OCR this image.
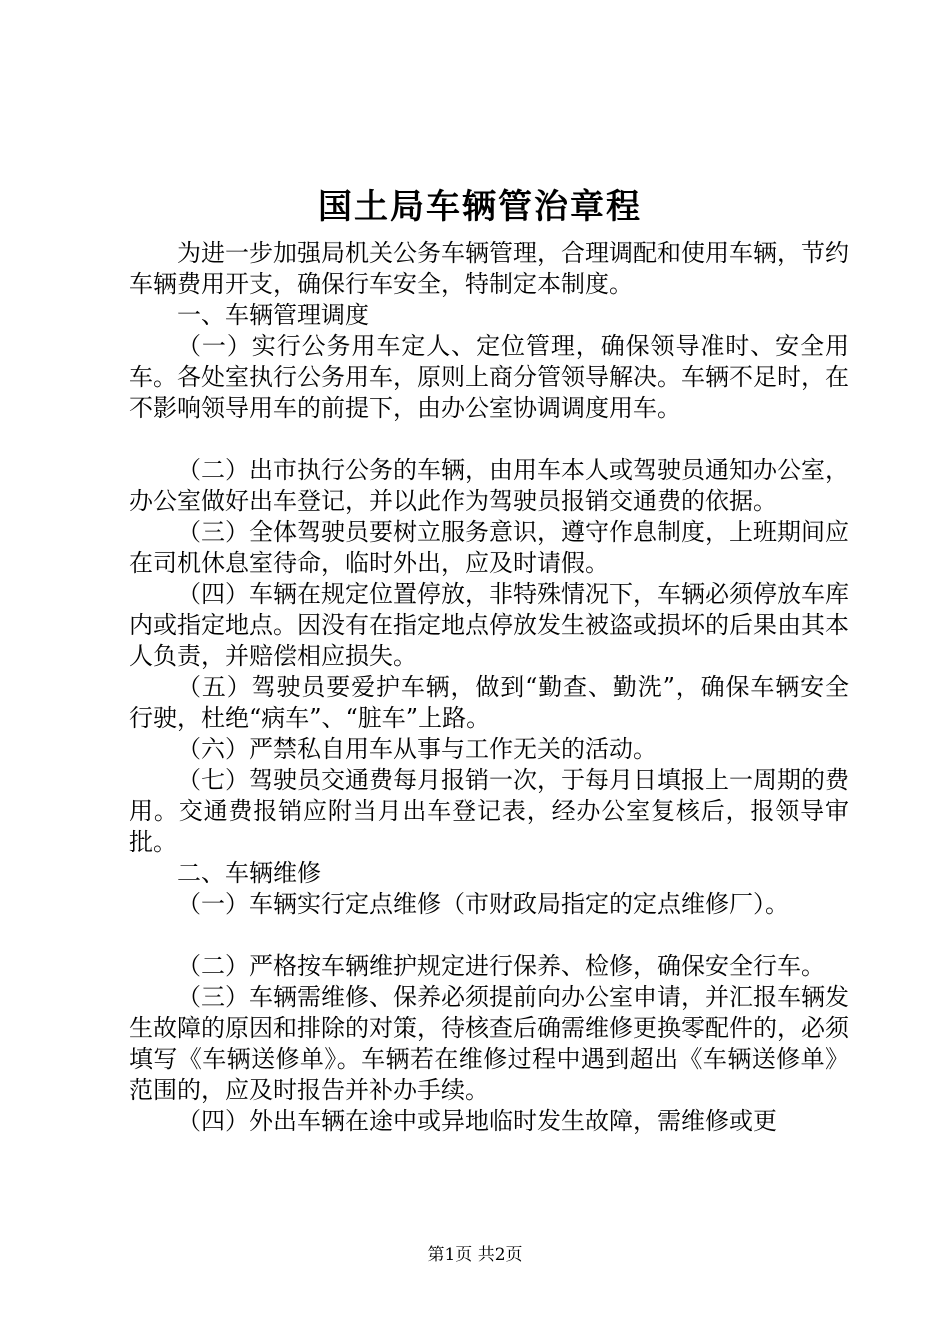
国土局车辆管治章程

为进一步加强局机关公务车辆管理，合理调配和使用车辆，节约车辆费用开支，确保行车安全，特制定本制度。

一、车辆管理调度

（一）实行公务用车定人、定位管理，确保领导准时、安全用车。各处室执行公务用车，原则上商分管领导解决。车辆不足时，在不影响领导用车的前提下，由办公室协调调度用车。

（二）出市执行公务的车辆，由用车本人或驾驶员通知办公室，办公室做好出车登记，并以此作为驾驶员报销交通费的依据。

（三）全体驾驶员要树立服务意识，遵守作息制度，上班期间应在司机休息室待命，临时外出，应及时请假。

（四）车辆在规定位置停放，非特殊情况下，车辆必须停放车库内或指定地点。因没有在指定地点停放发生被盗或损坏的后果由其本人负责，并赔偿相应损失。

（五）驾驶员要爱护车辆，做到“勤查、勤洗”，确保车辆安全行驶，杜绝“病车”、“脏车”上路。

（六）严禁私自用车从事与工作无关的活动。

（七）驾驶员交通费每月报销一次，于每月日填报上一周期的费用。交通费报销应附当月出车登记表，经办公室复核后，报领导审批。

二、车辆维修

（一）车辆实行定点维修（市财政局指定的定点维修厂）。

（二）严格按车辆维护规定进行保养、检修，确保安全行车。

（三）车辆需维修、保养必须提前向办公室申请，并汇报车辆发生故障的原因和排除的对策，待核查后确需维修更换零配件的，必须填写《车辆送修单》。车辆若在维修过程中遇到超出《车辆送修单》范围的，应及时报告并补办手续。

（四）外出车辆在途中或异地临时发生故障，需维修或更

第1页 共2页
